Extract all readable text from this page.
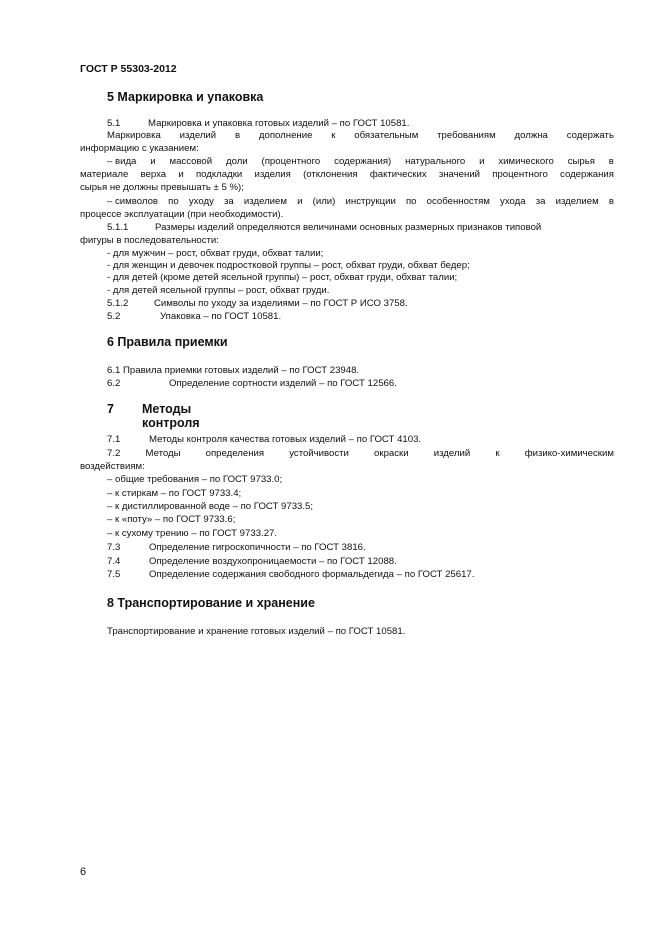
ГОСТ Р 55303-2012
5 Маркировка и упаковка
5.1	Маркировка и упаковка готовых изделий – по ГОСТ 10581.
Маркировка изделий в дополнение к обязательным требованиям должна содержать
информацию с указанием:
– вида и массовой доли (процентного содержания) натурального и химического сырья в
материале верха и подкладки изделия (отклонения фактических значений процентного содержания
сырья не должны превышать ± 5 %);
– символов по уходу за изделием и (или) инструкции по особенностям ухода за изделием в
процессе эксплуатации (при необходимости).
5.1.1	Размеры изделий определяются величинами основных размерных признаков типовой
фигуры в последовательности:
- для мужчин – рост, обхват груди, обхват талии;
- для женщин и девочек подростковой группы – рост, обхват груди, обхват бедер;
- для детей (кроме детей ясельной группы) – рост, обхват груди, обхват талии;
- для детей ясельной группы – рост, обхват груди.
5.1.2	Символы по уходу за изделиями – по ГОСТ Р ИСО 3758.
5.2	Упаковка – по ГОСТ 10581.
6 Правила приемки
6.1 Правила приемки готовых изделий – по ГОСТ 23948.
6.2	Определение сортности изделий – по ГОСТ 12566.
7 Методы контроля
7.1	Методы контроля качества готовых изделий – по ГОСТ 4103.
7.2	Методы	определения	устойчивости	окраски	изделий	к	физико-химическим
воздействиям:
– общие требования – по ГОСТ 9733.0;
– к стиркам – по ГОСТ 9733.4;
– к дистиллированной воде – по ГОСТ 9733.5;
– к «поту» – по ГОСТ 9733.6;
– к сухому трению – по ГОСТ 9733.27.
7.3	Определение гигроскопичности – по ГОСТ 3816.
7.4	Определение воздухопроницаемости – по ГОСТ 12088.
7.5	Определение содержания свободного формальдегида – по ГОСТ 25617.
8 Транспортирование и хранение
Транспортирование и хранение готовых изделий – по ГОСТ 10581.
6
